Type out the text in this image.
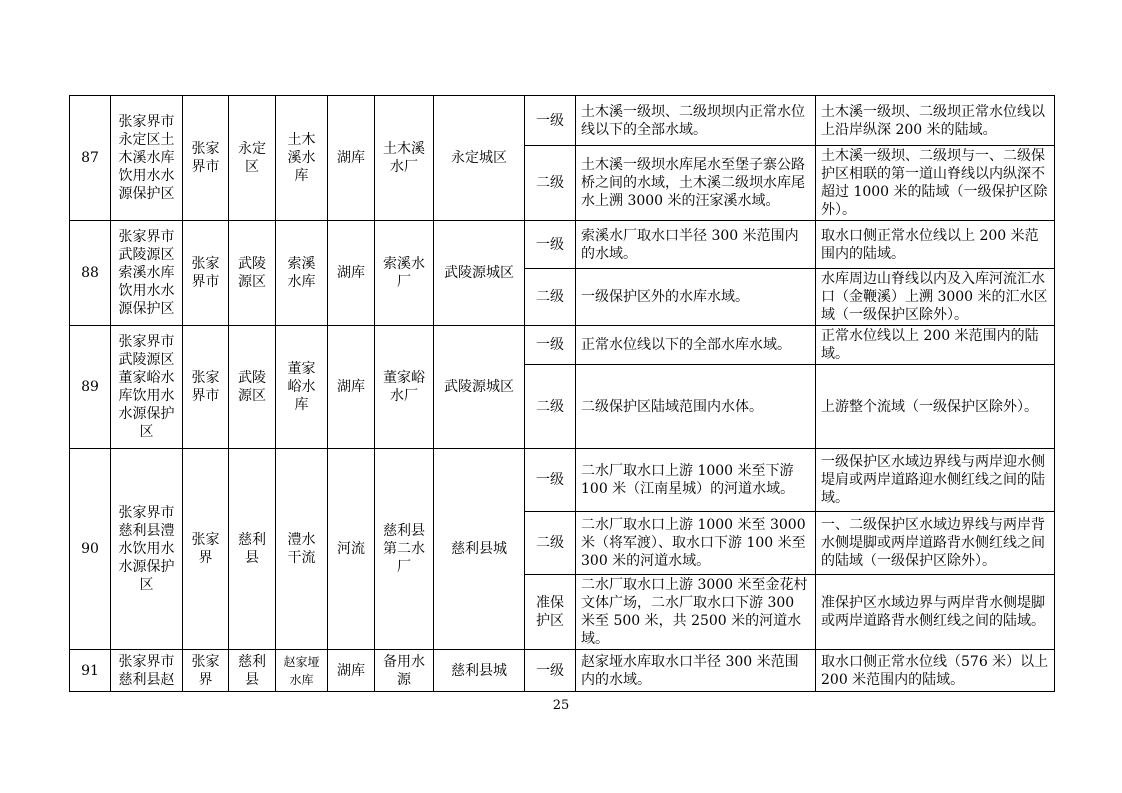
87	张家界市永定区土木溪水库饮用水水源保护区	张家界市	永定区	土木溪水库	湖库	土木溪水厂	永定城区	一级	土木溪一级坝、二级坝坝内正常水位线以下的全部水域。	土木溪一级坝、二级坝正常水位线以上沿岸纵深 200 米的陆域。
								二级	土木溪一级坝水库尾水至堡子寨公路桥之间的水域，土木溪二级坝水库尾水上溯 3000 米的汪家溪水域。	土木溪一级坝、二级坝与一、二级保护区相联的第一道山脊线以内纵深不超过 1000 米的陆域（一级保护区除外）。
88	张家界市武陵源区索溪水库饮用水水源保护区	张家界市	武陵源区	索溪水库	湖库	索溪水厂	武陵源城区	一级	索溪水厂取水口半径 300 米范围内的水域。	取水口侧正常水位线以上 200 米范围内的陆域。
								二级	一级保护区外的水库水域。	水库周边山脊线以内及入库河流汇水口（金鞭溪）上溯 3000 米的汇水区域（一级保护区除外）。
89	张家界市武陵源区董家峪水库饮用水水源保护区	张家界市	武陵源区	董家峪水库	湖库	董家峪水厂	武陵源城区	一级	正常水位线以下的全部水库水域。	正常水位线以上 200 米范围内的陆域。
								二级	二级保护区陆域范围内水体。	上游整个流域（一级保护区除外）。
90	张家界市慈利县澧水饮用水水源保护区	张家界	慈利县	澧水干流	河流	慈利县第二水厂	慈利县城	一级	二水厂取水口上游 1000 米至下游 100 米（江南星城）的河道水域。	一级保护区水域边界线与两岸迎水侧堤肩或两岸道路迎水侧红线之间的陆域。
								二级	二水厂取水口上游 1000 米至 3000 米（将军渡）、取水口下游 100 米至 300 米的河道水域。	一、二级保护区水域边界线与两岸背水侧堤脚或两岸道路背水侧红线之间的陆域（一级保护区除外）。
								准保护区	二水厂取水口上游 3000 米至金花村文体广场，二水厂取水口下游 300 米至 500 米，共 2500 米的河道水域。	准保护区水域边界与两岸背水侧堤脚或两岸道路背水侧红线之间的陆域。
91	张家界市慈利县赵	张家界	慈利县	赵家垭水库	湖库	备用水源	慈利县城	一级	赵家垭水库取水口半径 300 米范围内的水域。	取水口侧正常水位线（576 米）以上 200 米范围内的陆域。
25
